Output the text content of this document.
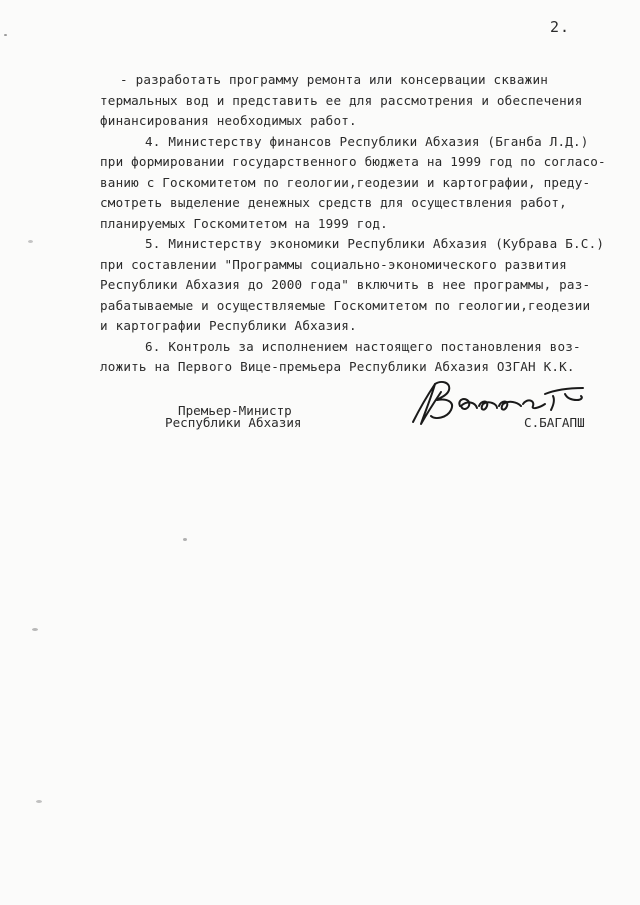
2.
- разработать программу ремонта или консервации скважин
термальных вод и представить ее для рассмотрения и обеспечения
финансирования необходимых работ.
4. Министерству финансов Республики Абхазия (Бганба Л.Д.)
при формировании государственного бюджета на 1999 год по согласо-
ванию с Госкомитетом по геологии,геодезии и картографии, преду-
смотреть выделение денежных средств для осуществления работ,
планируемых Госкомитетом на 1999 год.
5. Министерству экономики Республики Абхазия (Кубрава Б.С.)
при составлении "Программы социально-экономического развития
Республики Абхазия до 2000 года" включить в нее программы, раз-
рабатываемые и осуществляемые Госкомитетом по геологии,геодезии
и картографии Республики Абхазия.
6. Контроль за исполнением настоящего постановления воз-
ложить на Первого Вице-премьера Республики Абхазия ОЗГАН К.К.
Премьер-Министр
Республики Абхазия	С.БАГАПШ
